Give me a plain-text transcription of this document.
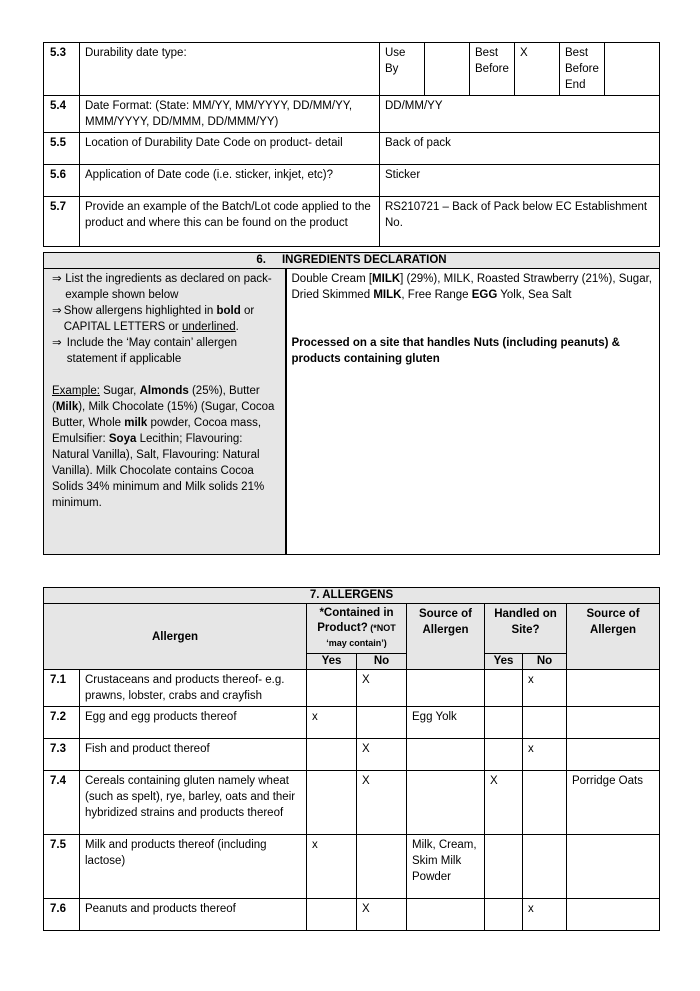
5.3	Durability date type:	Use By		Best Before	X	Best Before End	
5.4	Date Format: (State: MM/YY, MM/YYYY, DD/MM/YY, MMM/YYYY, DD/MMM, DD/MMM/YY)	DD/MM/YY					
5.5	Location of Durability Date Code on product- detail	Back of pack					
5.6	Application of Date code (i.e. sticker, inkjet, etc)?	Sticker					
5.7	Provide an example of the Batch/Lot code applied to the product and where this can be found on the product	RS210721 – Back of Pack below EC Establishment No.					
6. INGREDIENTS DECLARATION

⇒ List the ingredients as declared on pack- example shown below
⇒ Show allergens highlighted in bold or CAPITAL LETTERS or underlined.
⇒ Include the ‘May contain’ allergen statement if applicable

Example: Sugar, Almonds (25%), Butter (Milk), Milk Chocolate (15%) (Sugar, Cocoa Butter, Whole milk powder, Cocoa mass, Emulsifier: Soya Lecithin; Flavouring: Natural Vanilla), Salt, Flavouring: Natural Vanilla). Milk Chocolate contains Cocoa Solids 34% minimum and Milk solids 21% minimum.

Double Cream [MILK] (29%), MILK, Roasted Strawberry (21%), Sugar, Dried Skimmed MILK, Free Range EGG Yolk, Sea Salt

Processed on a site that handles Nuts (including peanuts) & products containing gluten

7. ALLERGENS							
Allergen		*Contained in Product? (*NOT ‘may contain’)		Source of Allergen	Handled on Site?		Source of Allergen
		Yes	No		Yes	No	
7.1	Crustaceans and products thereof- e.g. prawns, lobster, crabs and crayfish		X			x	
7.2	Egg and egg products thereof	x		Egg Yolk			
7.3	Fish and product thereof		X			x	
7.4	Cereals containing gluten namely wheat (such as spelt), rye, barley, oats and their hybridized strains and products thereof		X		X		Porridge Oats
7.5	Milk and products thereof (including lactose)	x		Milk, Cream, Skim Milk Powder			
7.6	Peanuts and products thereof		X			x	
